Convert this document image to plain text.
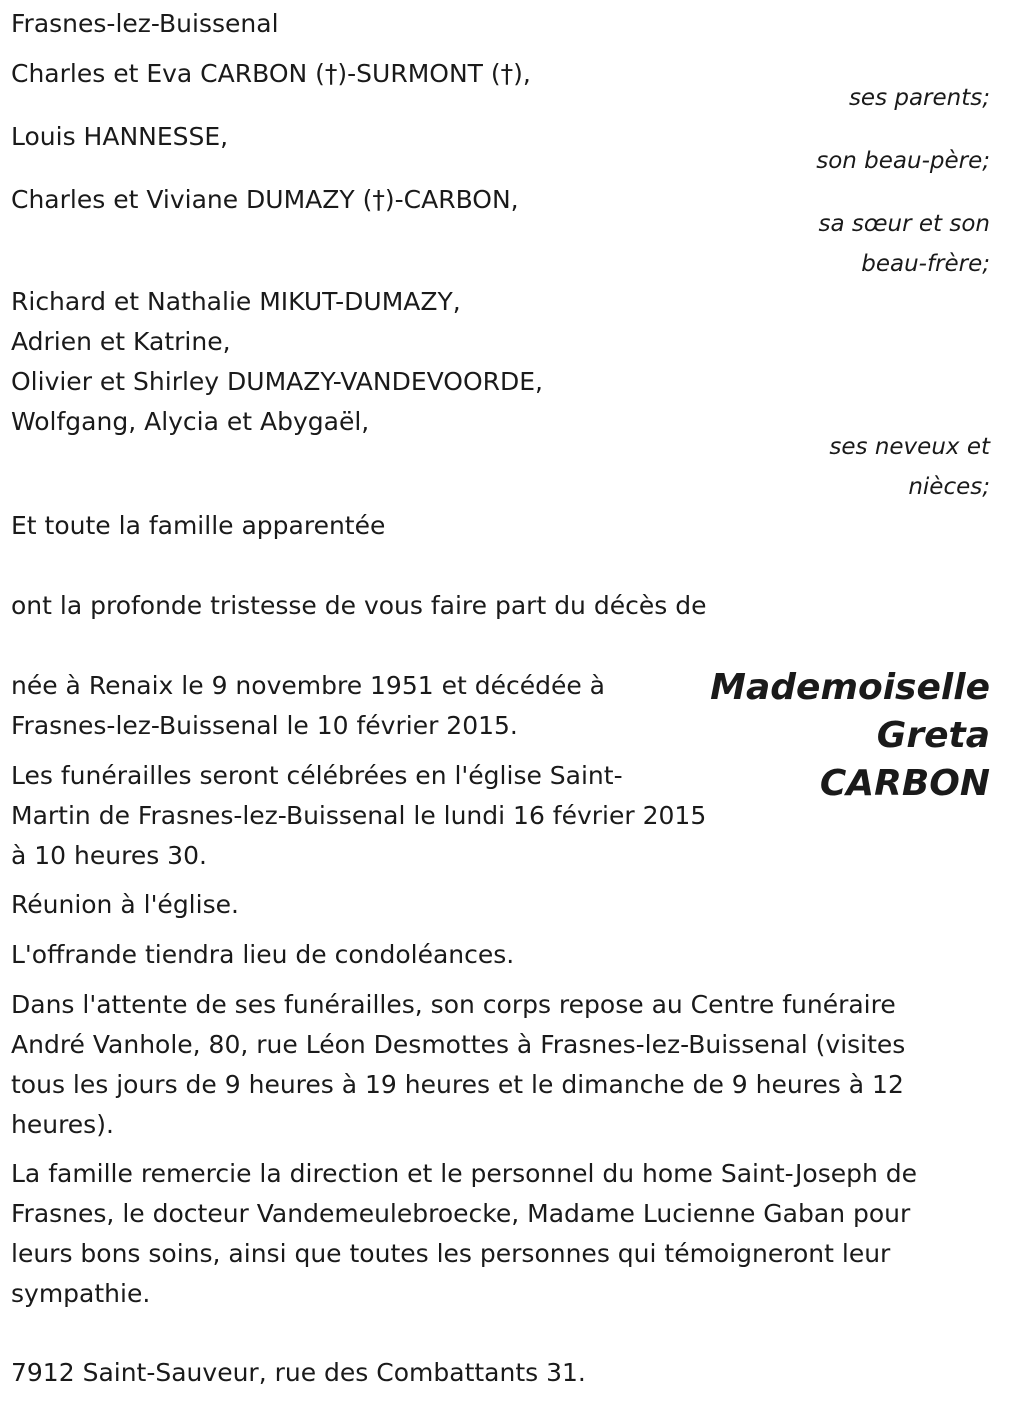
Frasnes-lez-Buissenal

Charles et Eva CARBON (†)-SURMONT (†),

ses parents;

Louis HANNESSE,

son beau-père;

Charles et Viviane DUMAZY (†)-CARBON,

sa sœur et son

beau-frère;

Richard et Nathalie MIKUT-DUMAZY,

Adrien et Katrine,

Olivier et Shirley DUMAZY-VANDEVOORDE,

Wolfgang, Alycia et Abygaël,

ses neveux et

nièces;

Et toute la famille apparentée

ont la profonde tristesse de vous faire part du décès de

Mademoiselle
Greta
CARBON
née à Renaix le 9 novembre 1951 et décédée à
Frasnes-lez-Buissenal le 10 février 2015.
Les funérailles seront célébrées en l'église Saint-
Martin de Frasnes-lez-Buissenal le lundi 16 février 2015
à 10 heures 30.

Réunion à l'église.

L'offrande tiendra lieu de condoléances.

Dans l'attente de ses funérailles, son corps repose au Centre funéraire
André Vanhole, 80, rue Léon Desmottes à Frasnes-lez-Buissenal (visites
tous les jours de 9 heures à 19 heures et le dimanche de 9 heures à 12
heures).
La famille remercie la direction et le personnel du home Saint-Joseph de
Frasnes, le docteur Vandemeulebroecke, Madame Lucienne Gaban pour
leurs bons soins, ainsi que toutes les personnes qui témoigneront leur
sympathie.

7912 Saint-Sauveur, rue des Combattants 31.
